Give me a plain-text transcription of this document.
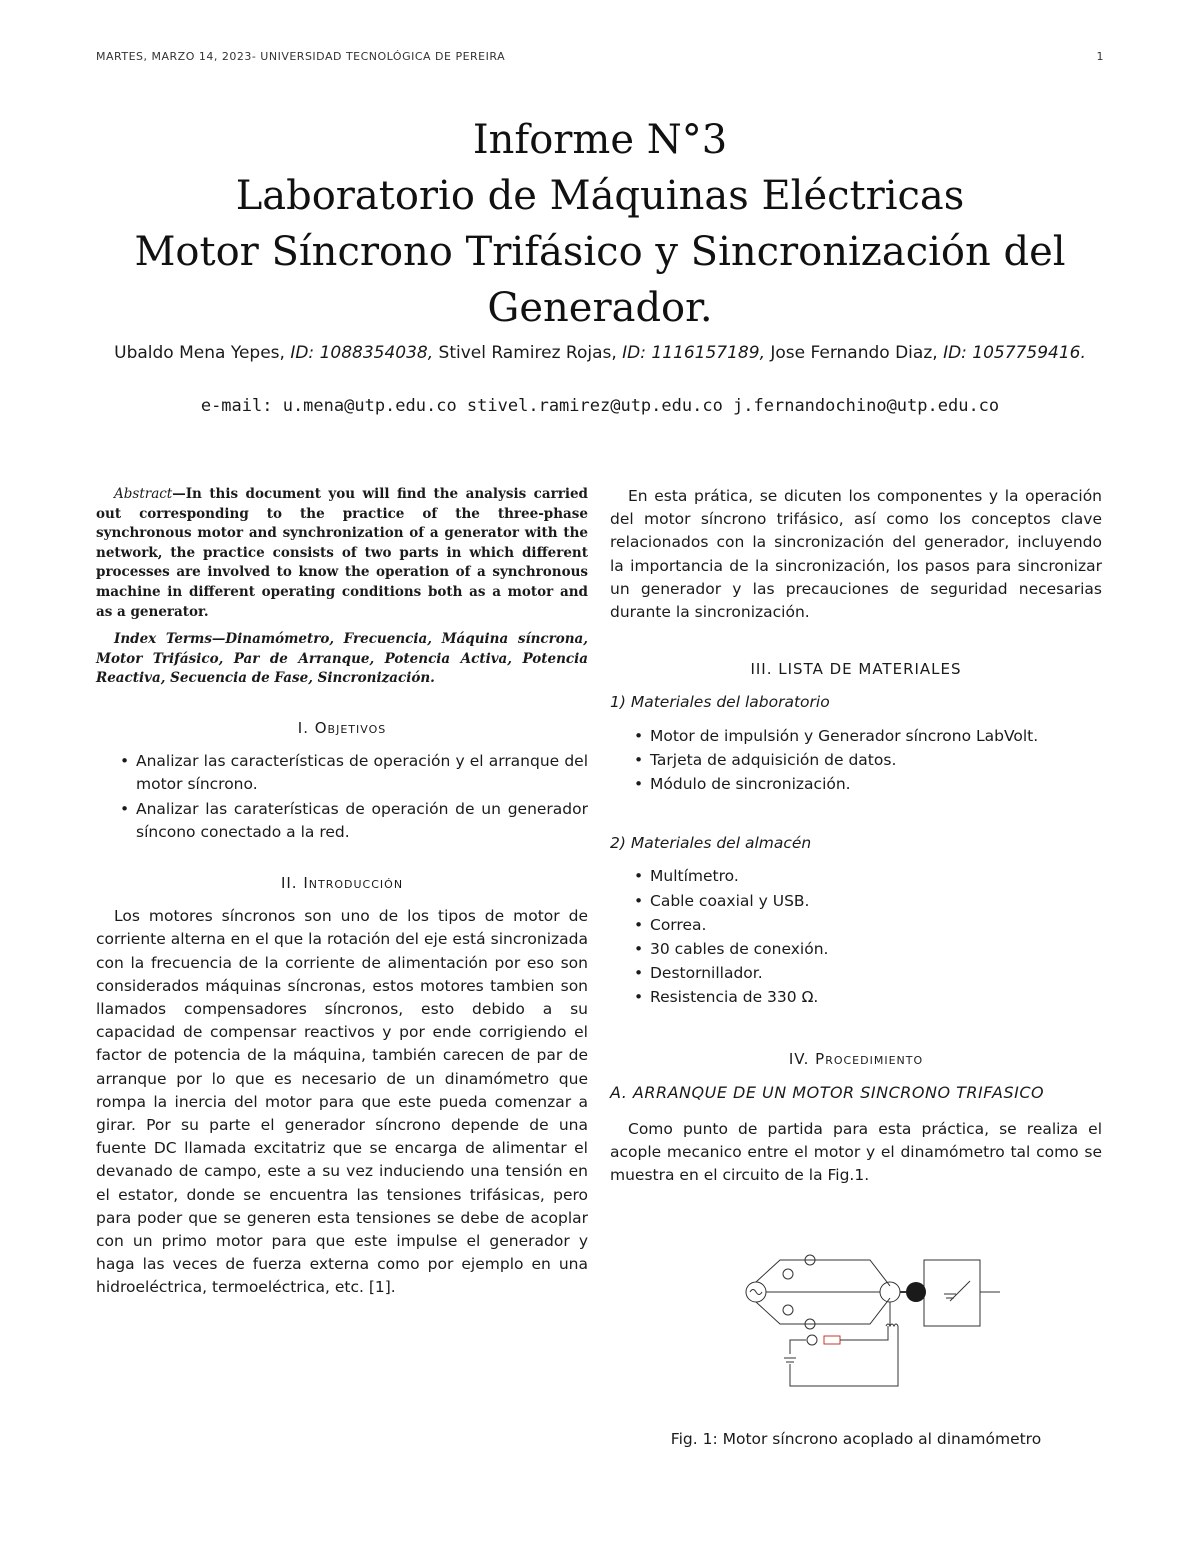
MARTES, MARZO 14, 2023- UNIVERSIDAD TECNOLÓGICA DE PEREIRA	1
Informe N°3
Laboratorio de Máquinas Eléctricas
Motor Síncrono Trifásico y Sincronización del
Generador.
Ubaldo Mena Yepes, ID: 1088354038, Stivel Ramirez Rojas, ID: 1116157189, Jose Fernando Diaz, ID: 1057759416.
e-mail: u.mena@utp.edu.co stivel.ramirez@utp.edu.co j.fernandochino@utp.edu.co

Abstract—In this document you will find the analysis carried out corresponding to the practice of the three-phase synchronous motor and synchronization of a generator with the network, the practice consists of two parts in which different processes are involved to know the operation of a synchronous machine in different operating conditions both as a motor and as a generator.

Index Terms—Dinamómetro, Frecuencia, Máquina síncrona, Motor Trifásico, Par de Arranque, Potencia Activa, Potencia Reactiva, Secuencia de Fase, Sincronización.

I. Objetivos
• Analizar las características de operación y el arranque del motor síncrono.
• Analizar las caraterísticas de operación de un generador síncono conectado a la red.
II. Introducción

Los motores síncronos son uno de los tipos de motor de corriente alterna en el que la rotación del eje está sincronizada con la frecuencia de la corriente de alimentación por eso son considerados máquinas síncronas, estos motores tambien son llamados compensadores síncronos, esto debido a su capacidad de compensar reactivos y por ende corrigiendo el factor de potencia de la máquina, también carecen de par de arranque por lo que es necesario de un dinamómetro que rompa la inercia del motor para que este pueda comenzar a girar. Por su parte el generador síncrono depende de una fuente DC llamada excitatriz que se encarga de alimentar el devanado de campo, este a su vez induciendo una tensión en el estator, donde se encuentra las tensiones trifásicas, pero para poder que se generen esta tensiones se debe de acoplar con un primo motor para que este impulse el generador y haga las veces de fuerza externa como por ejemplo en una hidroeléctrica, termoeléctrica, etc. [1].

En esta prática, se dicuten los componentes y la operación del motor síncrono trifásico, así como los conceptos clave relacionados con la sincronización del generador, incluyendo la importancia de la sincronización, los pasos para sincronizar un generador y las precauciones de seguridad necesarias durante la sincronización.

III. LISTA DE MATERIALES
1) Materiales del laboratorio
• Motor de impulsión y Generador síncrono LabVolt.
• Tarjeta de adquisición de datos.
• Módulo de sincronización.
2) Materiales del almacén
• Multímetro.
• Cable coaxial y USB.
• Correa.
• 30 cables de conexión.
• Destornillador.
• Resistencia de 330 Ω.
IV. Procedimiento
A. ARRANQUE DE UN MOTOR SINCRONO TRIFASICO

Como punto de partida para esta práctica, se realiza el acople mecanico entre el motor y el dinamómetro tal como se muestra en el circuito de la Fig.1.

Fig. 1: Motor síncrono acoplado al dinamómetro
